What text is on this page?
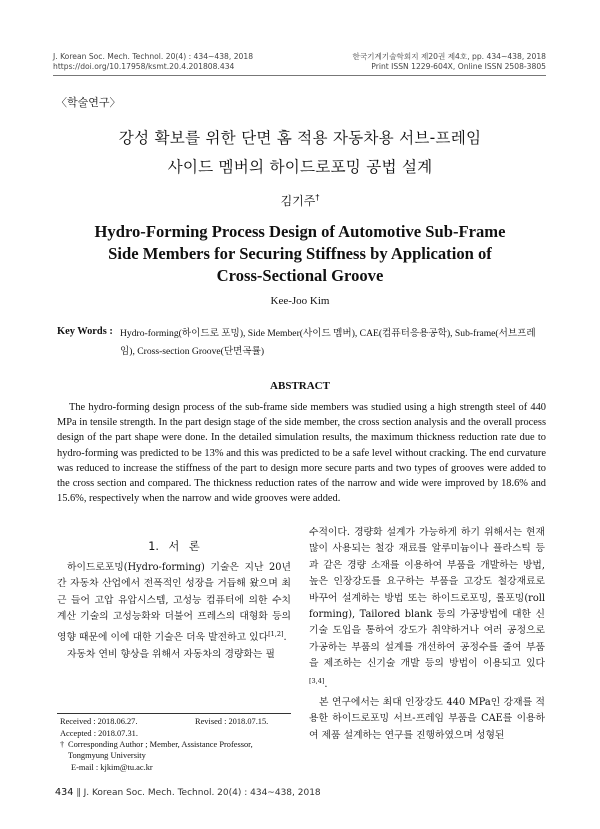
J. Korean Soc. Mech. Technol. 20(4) : 434~438, 2018
https://doi.org/10.17958/ksmt.20.4.201808.434
한국기계기술학회지 제20권 제4호, pp. 434~438, 2018
Print ISSN 1229-604X, Online ISSN 2508-3805
〈학술연구〉
강성 확보를 위한 단면 홈 적용 자동차용 서브-프레임
사이드 멤버의 하이드로포밍 공법 설계
김기주†
Hydro-Forming Process Design of Automotive Sub-Frame
Side Members for Securing Stiffness by Application of
Cross-Sectional Groove
Kee-Joo Kim
Key Words : Hydro-forming(하이드로 포밍), Side Member(사이드 멤버), CAE(컴퓨터응용공학), Sub-frame(서브프레임), Cross-section Groove(단면곡률)
ABSTRACT
The hydro-forming design process of the sub-frame side members was studied using a high strength steel of 440 MPa in tensile strength. In the part design stage of the side member, the cross section analysis and the overall process design of the part shape were done. In the detailed simulation results, the maximum thickness reduction rate due to hydro-forming was predicted to be 13% and this was predicted to be a safe level without cracking. The end curvature was reduced to increase the stiffness of the part to design more secure parts and two types of grooves were added to the cross section and compared. The thickness reduction rates of the narrow and wide were improved by 18.6% and 15.6%, respectively when the narrow and wide grooves were added.
1. 서 론

하이드로포밍(Hydro-forming) 기술은 지난 20년간 자동차 산업에서 전폭적인 성장을 거듭해 왔으며 최근 들어 고압 유압시스템, 고성능 컴퓨터에 의한 수치 계산 기술의 고성능화와 더불어 프레스의 대형화 등의 영향 때문에 이에 대한 기술은 더욱 발전하고 있다[1,2].

자동차 연비 향상을 위해서 자동차의 경량화는 필

수적이다. 경량화 설계가 가능하게 하기 위해서는 현재 많이 사용되는 철강 재료를 알루미늄이나 플라스틱 등과 같은 경량 소재를 이용하여 부품을 개발하는 방법, 높은 인장강도를 요구하는 부품을 고강도 철강재료로 바꾸어 설계하는 방법 또는 하이드로포밍, 롤포밍(roll forming), Tailored blank 등의 가공방법에 대한 신기술 도입을 통하여 강도가 취약하거나 여러 공정으로 가공하는 부품의 설계를 개선하여 공정수를 줄여 부품을 제조하는 신기술 개발 등의 방법이 이용되고 있다[3,4].

본 연구에서는 최대 인장강도 440 MPa인 강재를 적용한 하이드로포밍 서브-프레임 부품을 CAE를 이용하여 제품 설계하는 연구를 진행하였으며 성형된

Received : 2018.06.27.	Revised : 2018.07.15.
Accepted : 2018.07.31.
† Corresponding Author ; Member, Assistance Professor, Tongmyung University
E-mail : kjkim@tu.ac.kr
434 ∥ J. Korean Soc. Mech. Technol. 20(4) : 434~438, 2018
